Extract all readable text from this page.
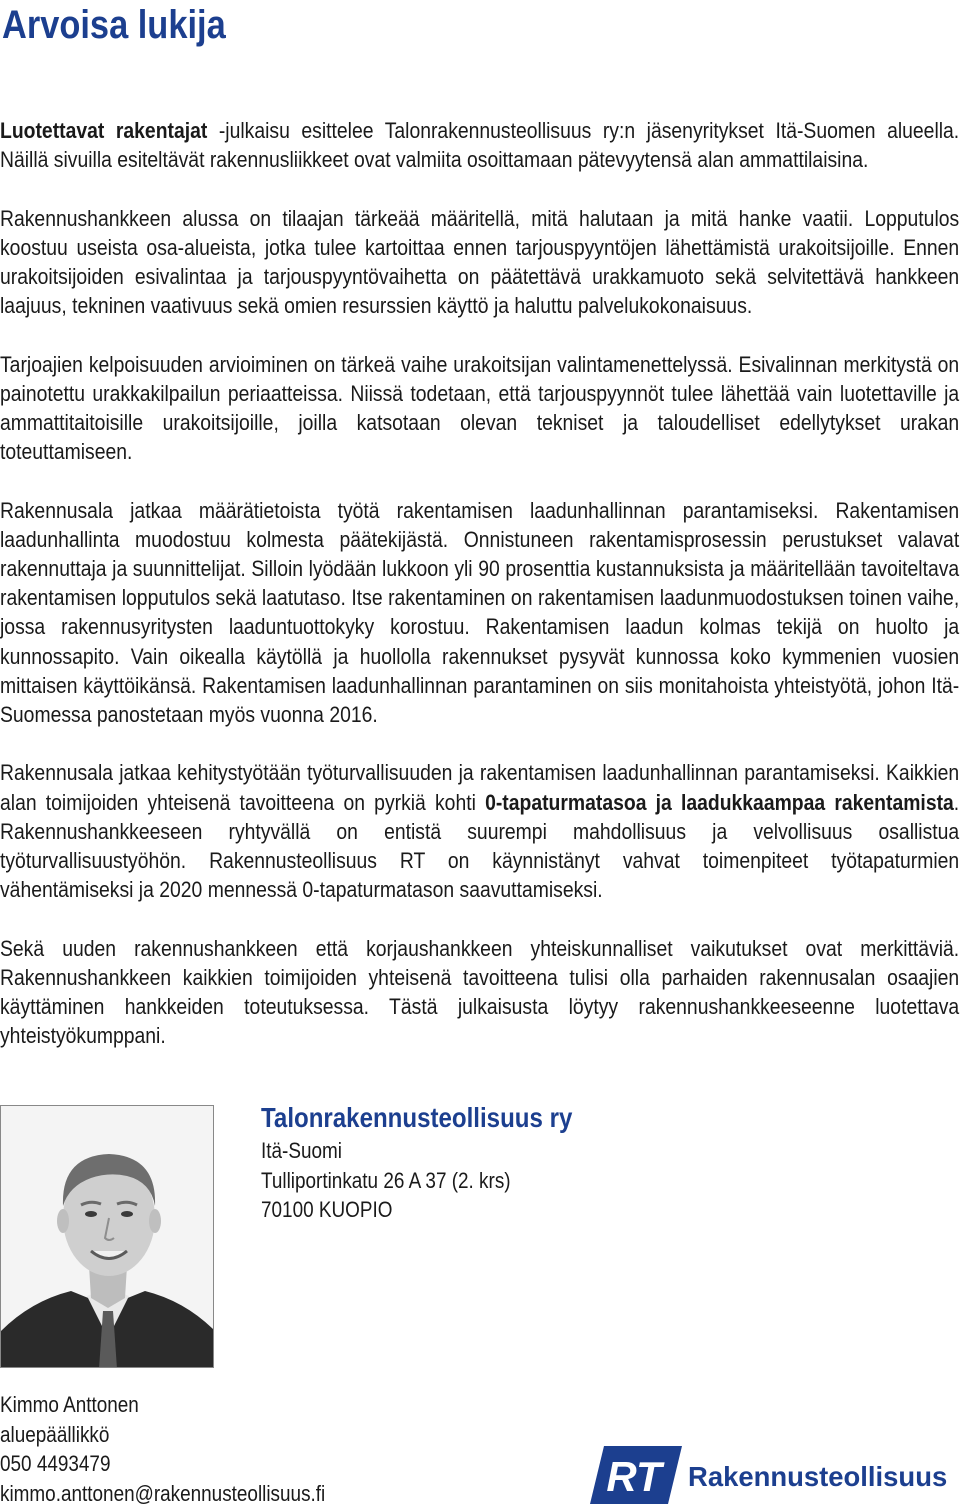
Arvoisa lukija

Luotettavat rakentajat -julkaisu esittelee Talonrakennusteollisuus ry:n jäsenyritykset Itä-Suomen alueella. Näillä sivuilla esiteltävät rakennusliikkeet ovat valmiita osoittamaan pätevyytensä alan ammattilaisina.

Rakennushankkeen alussa on tilaajan tärkeää määritellä, mitä halutaan ja mitä hanke vaatii. Lopputulos koostuu useista osa-alueista, jotka tulee kartoittaa ennen tarjouspyyntöjen lähettämistä urakoitsijoille. Ennen urakoitsijoiden esivalintaa ja tarjouspyyntövaihetta on päätettävä urakkamuoto sekä selvitettävä hankkeen laajuus, tekninen vaativuus sekä omien resurssien käyttö ja haluttu palvelukokonaisuus.

Tarjoajien kelpoisuuden arvioiminen on tärkeä vaihe urakoitsijan valintamenettelyssä. Esivalinnan merkitystä on painotettu urakkakilpailun periaatteissa. Niissä todetaan, että tarjouspyynnöt tulee lähettää vain luotettaville ja ammattitaitoisille urakoitsijoille, joilla katsotaan olevan tekniset ja taloudelliset edellytykset urakan toteuttamiseen.

Rakennusala jatkaa määrätietoista työtä rakentamisen laadunhallinnan parantamiseksi. Rakentamisen laadunhallinta muodostuu kolmesta päätekijästä. Onnistuneen rakentamisprosessin perustukset valavat rakennuttaja ja suunnittelijat. Silloin lyödään lukkoon yli 90 prosenttia kustannuksista ja määritellään tavoiteltava rakentamisen lopputulos sekä laatutaso. Itse rakentaminen on rakentamisen laadunmuodostuksen toinen vaihe, jossa rakennusyritysten laaduntuottokyky korostuu. Rakentamisen laadun kolmas tekijä on huolto ja kunnossapito. Vain oikealla käytöllä ja huollolla rakennukset pysyvät kunnossa koko kymmenien vuosien mittaisen käyttöikänsä. Rakentamisen laadunhallinnan parantaminen on siis monitahoista yhteistyötä, johon Itä-Suomessa panostetaan myös vuonna 2016.

Rakennusala jatkaa kehitystyötään työturvallisuuden ja rakentamisen laadunhallinnan parantamiseksi. Kaikkien alan toimijoiden yhteisenä tavoitteena on pyrkiä kohti 0-tapaturmatasoa ja laadukkaampaa rakentamista. Rakennushankkeeseen ryhtyvällä on entistä suurempi mahdollisuus ja velvollisuus osallistua työturvallisuustyöhön. Rakennusteollisuus RT on käynnistänyt vahvat toimenpiteet työtapaturmien vähentämiseksi ja 2020 mennessä 0-tapaturmatason saavuttamiseksi.

Sekä uuden rakennushankkeen että korjaushankkeen yhteiskunnalliset vaikutukset ovat merkittäviä. Rakennushankkeen kaikkien toimijoiden yhteisenä tavoitteena tulisi olla parhaiden rakennusalan osaajien käyttäminen hankkeiden toteutuksessa. Tästä julkaisusta löytyy rakennushankkeeseenne luotettava yhteistyökumppani.

Talonrakennusteollisuus ry
Itä-Suomi
Tulliportinkatu 26 A 37 (2. krs)
70100 KUOPIO
Kimmo Anttonen
aluepäällikkö
050 4493479
kimmo.anttonen@rakennusteollisuus.fi	RT Rakennusteollisuus
